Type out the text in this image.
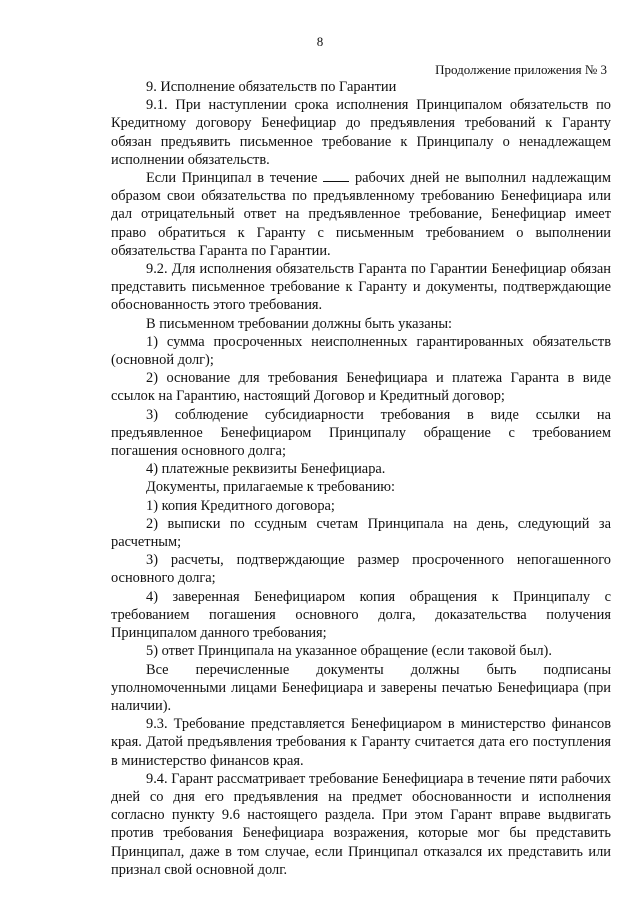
8
Продолжение приложения № 3

9. Исполнение обязательств по Гарантии

9.1. При наступлении срока исполнения Принципалом обязательств по Кредитному договору Бенефициар до предъявления требований к Гаранту обязан предъявить письменное требование к Принципалу о ненадлежащем исполнении обязательств.

Если Принципал в течение	рабочих дней не выполнил надлежащим образом свои обязательства по предъявленному требованию Бенефициара или дал отрицательный ответ на предъявленное требование, Бенефициар имеет право обратиться к Гаранту с письменным требованием о выполнении обязательства Гаранта по Гарантии.

9.2. Для исполнения обязательств Гаранта по Гарантии Бенефициар обязан представить письменное требование к Гаранту и документы, подтверждающие обоснованность этого требования.

В письменном требовании должны быть указаны:

1) сумма просроченных неисполненных гарантированных обязательств (основной долг);

2) основание для требования Бенефициара и платежа Гаранта в виде ссылок на Гарантию, настоящий Договор и Кредитный договор;

3) соблюдение субсидиарности требования в виде ссылки на предъявленное Бенефициаром Принципалу обращение с требованием погашения основного долга;

4) платежные реквизиты Бенефициара.

Документы, прилагаемые к требованию:

1) копия Кредитного договора;

2) выписки по ссудным счетам Принципала на день, следующий за расчетным;

3) расчеты, подтверждающие размер просроченного непогашенного основного долга;

4) заверенная Бенефициаром копия обращения к Принципалу с требованием погашения основного долга, доказательства получения Принципалом данного требования;

5) ответ Принципала на указанное обращение (если таковой был).

Все перечисленные документы должны быть подписаны уполномоченными лицами Бенефициара и заверены печатью Бенефициара (при наличии).

9.3. Требование представляется Бенефициаром в министерство финансов края. Датой предъявления требования к Гаранту считается дата его поступления в министерство финансов края.

9.4. Гарант рассматривает требование Бенефициара в течение пяти рабочих дней со дня его предъявления на предмет обоснованности и исполнения согласно пункту 9.6 настоящего раздела. При этом Гарант вправе выдвигать против требования Бенефициара возражения, которые мог бы представить Принципал, даже в том случае, если Принципал отказался их представить или признал свой основной долг.
